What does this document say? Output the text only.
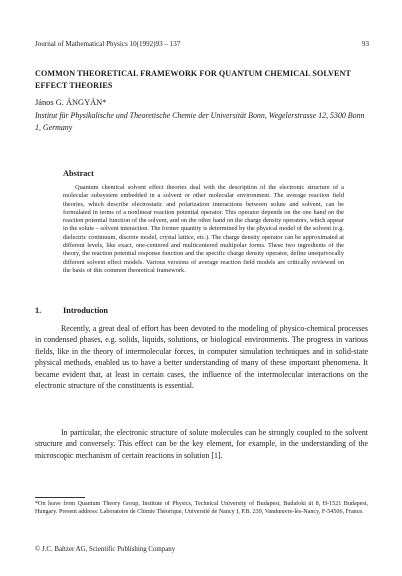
Journal of Mathematical Physics 10(1992)93 – 137	93
COMMON THEORETICAL FRAMEWORK FOR QUANTUM CHEMICAL SOLVENT EFFECT THEORIES
János G. ÁNGYÁN*
Institut für Physikalische und Theoretische Chemie der Universität Bonn, Wegelerstrasse 12, 5300 Bonn 1, Germany
Abstract
Quantum chemical solvent effect theories deal with the description of the electronic structure of a molecular subsystem embedded in a solvent or other molecular environment. The average reaction field theories, which describe electrostatic and polarization interactions between solute and solvent, can be formulated in terms of a nonlinear reaction potential operator. This operator depends on the one hand on the reaction potential function of the solvent, and on the other hand on the charge density operators, which appear in the solute – solvent interaction. The former quantity is determined by the physical model of the solvent (e.g. dielectric continuum, discrete model, crystal lattice, etc.). The charge density operator can be approximated at different levels, like exact, one-centered and multicentered multipolar forms. These two ingredients of the theory, the reaction potential response function and the specific charge density operator, define unequivocally different solvent effect models. Various versions of average reaction field models are critically reviewed on the basis of this common theoretical framework.
1.	Introduction
Recently, a great deal of effort has been devoted to the modeling of physico-chemical processes in condensed phases, e.g. solids, liquids, solutions, or biological environments. The progress in various fields, like in the theory of intermolecular forces, in computer simulation techniques and in solid-state physical methods, enabled us to have a better understanding of many of these important phenomena. It became evident that, at least in certain cases, the influence of the intermolecular interactions on the electronic structure of the constituents is essential.
In particular, the electronic structure of solute molecules can be strongly coupled to the solvent structure and conversely. This effect can be the key element, for example, in the understanding of the microscopic mechanism of certain reactions in solution [1].
*On leave from Quantum Theory Group, Institute of Physics, Technical University of Budapest, Budafoki út 8, H-1521 Budapest, Hungary. Present address: Laboratoire de Chimie Théorique, Université de Nancy I, P.B. 239, Vandœuvre-lès-Nancy, F-54506, France.
© J.C. Baltzer AG, Scientific Publishing Company
